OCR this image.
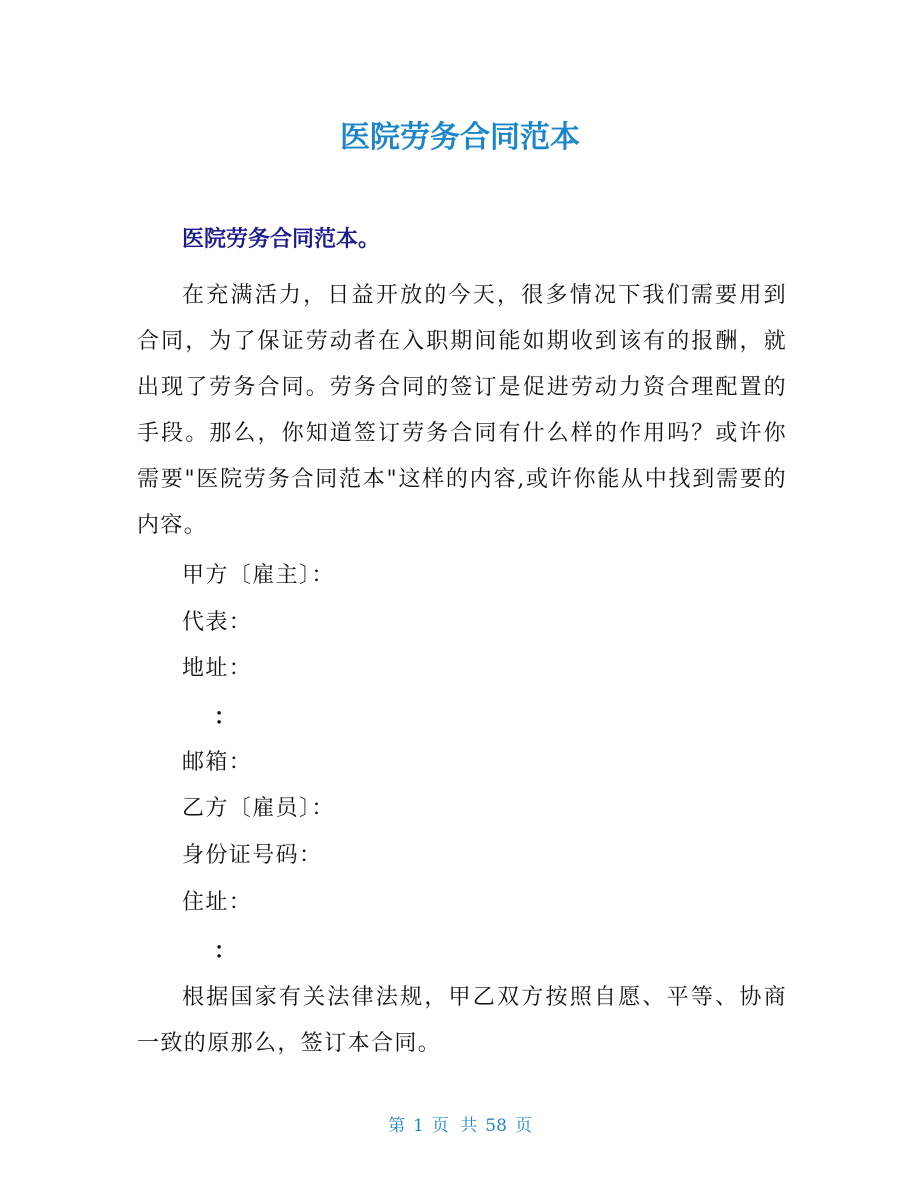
医院劳务合同范本
医院劳务合同范本。
在充满活力，日益开放的今天，很多情况下我们需要用到合同，为了保证劳动者在入职期间能如期收到该有的报酬，就出现了劳务合同。劳务合同的签订是促进劳动力资合理配置的手段。那么，你知道签订劳务合同有什么样的作用吗？或许你需要"医院劳务合同范本"这样的内容,或许你能从中找到需要的内容。
甲方〔雇主〕：
代表：
地址：
：
邮箱：
乙方〔雇员〕：
身份证号码：
住址：
：
根据国家有关法律法规，甲乙双方按照自愿、平等、协商一致的原那么，签订本合同。
第 1 页 共 58 页
